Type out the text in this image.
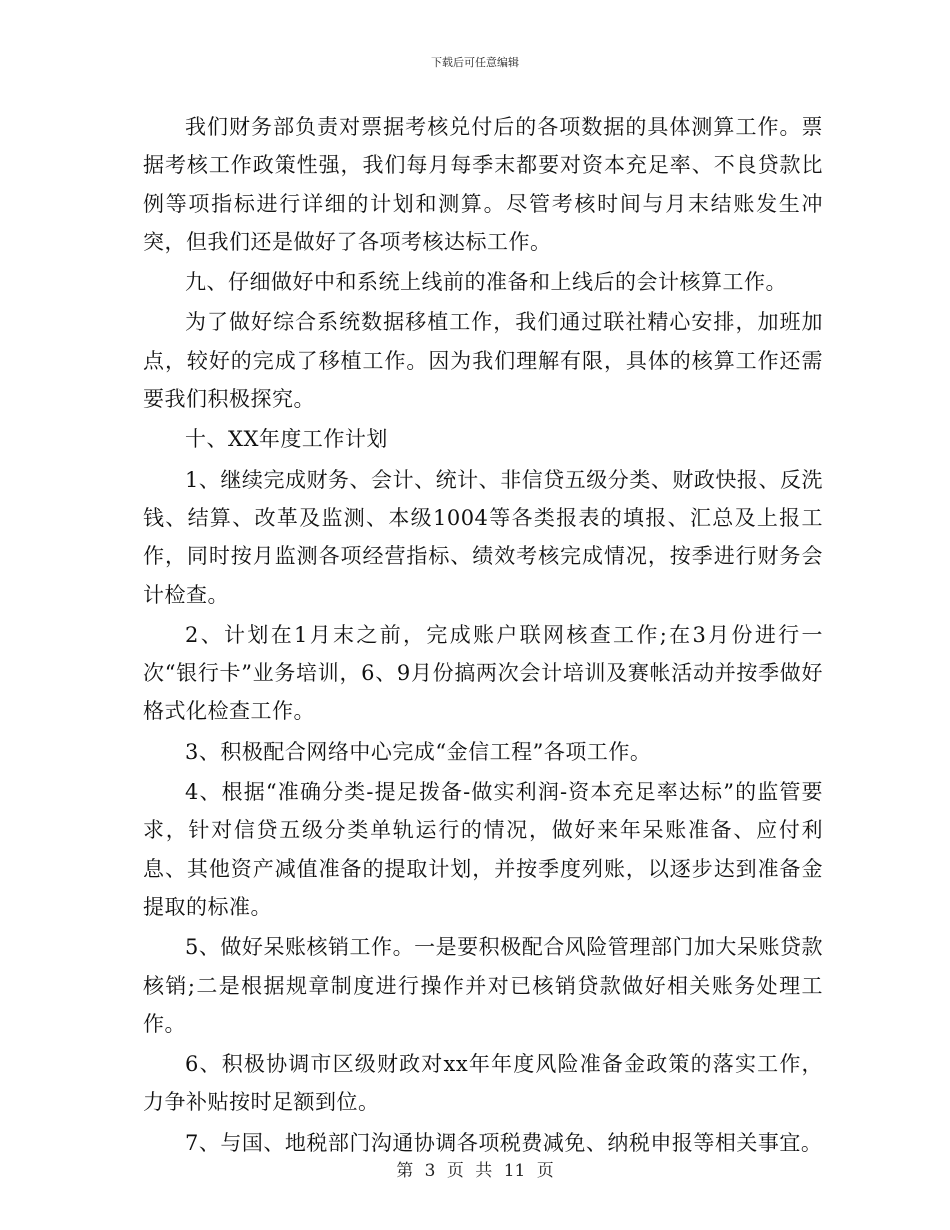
下载后可任意编辑

我们财务部负责对票据考核兑付后的各项数据的具体测算工作。票据考核工作政策性强，我们每月每季末都要对资本充足率、不良贷款比例等项指标进行详细的计划和测算。尽管考核时间与月末结账发生冲突，但我们还是做好了各项考核达标工作。

九、仔细做好中和系统上线前的准备和上线后的会计核算工作。

为了做好综合系统数据移植工作，我们通过联社精心安排，加班加点，较好的完成了移植工作。因为我们理解有限，具体的核算工作还需要我们积极探究。

十、XX年度工作计划

1、继续完成财务、会计、统计、非信贷五级分类、财政快报、反洗钱、结算、改革及监测、本级1004等各类报表的填报、汇总及上报工作，同时按月监测各项经营指标、绩效考核完成情况，按季进行财务会计检查。

2、计划在1月末之前，完成账户联网核查工作;在3月份进行一次“银行卡”业务培训，6、9月份搞两次会计培训及赛帐活动并按季做好格式化检查工作。

3、积极配合网络中心完成“金信工程”各项工作。

4、根据“准确分类-提足拨备-做实利润-资本充足率达标”的监管要求，针对信贷五级分类单轨运行的情况，做好来年呆账准备、应付利息、其他资产减值准备的提取计划，并按季度列账，以逐步达到准备金提取的标准。

5、做好呆账核销工作。一是要积极配合风险管理部门加大呆账贷款核销;二是根据规章制度进行操作并对已核销贷款做好相关账务处理工作。

6、积极协调市区级财政对xx年年度风险准备金政策的落实工作，力争补贴按时足额到位。

7、与国、地税部门沟通协调各项税费减免、纳税申报等相关事宜。

第 3 页 共 11 页
